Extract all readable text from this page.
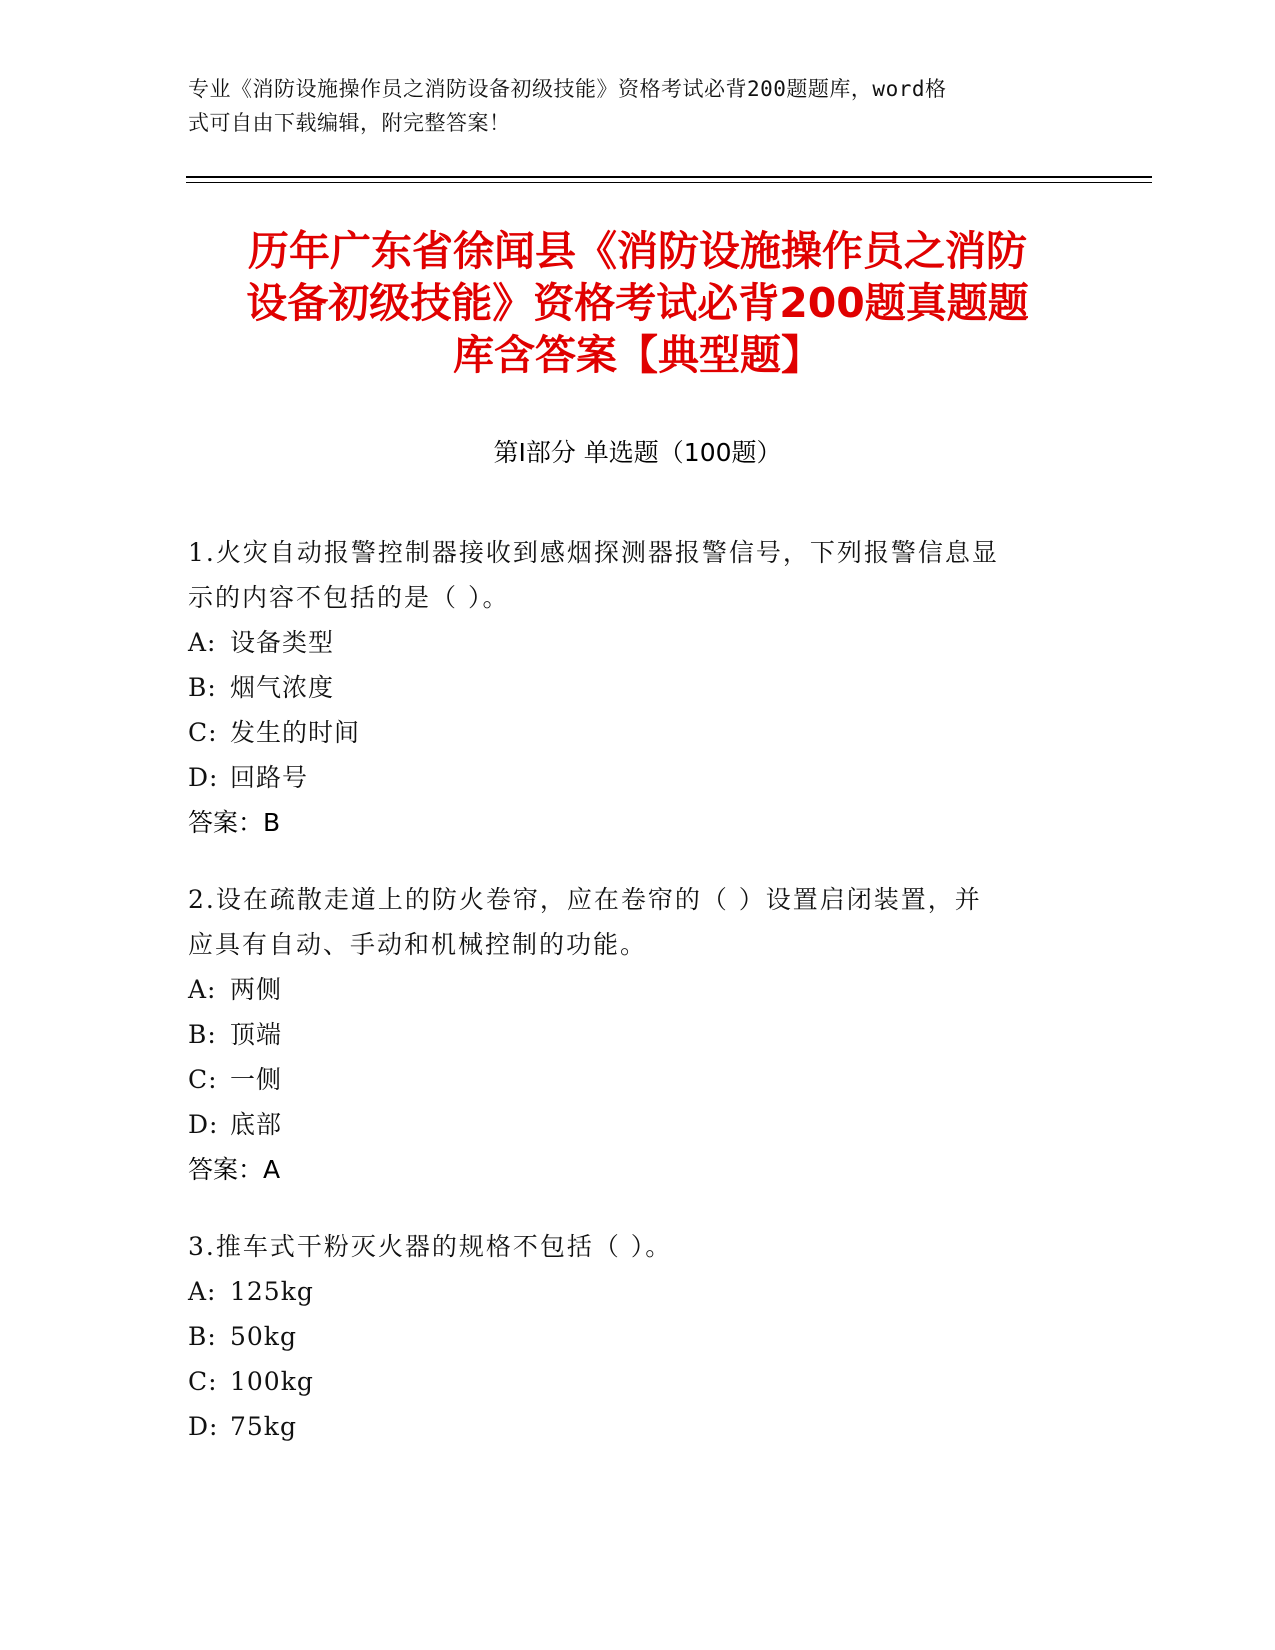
专业《消防设施操作员之消防设备初级技能》资格考试必背200题题库，word格
式可自由下载编辑，附完整答案！
历年广东省徐闻县《消防设施操作员之消防
设备初级技能》资格考试必背200题真题题
库含答案【典型题】
第Ⅰ部分 单选题（100题）
1.火灾自动报警控制器接收到感烟探测器报警信号，下列报警信息显
示的内容不包括的是（ ）。
A: 设备类型
B: 烟气浓度
C: 发生的时间
D: 回路号
答案：B
2.设在疏散走道上的防火卷帘，应在卷帘的（ ）设置启闭装置，并
应具有自动、手动和机械控制的功能。
A: 两侧
B: 顶端
C: 一侧
D: 底部
答案：A
3.推车式干粉灭火器的规格不包括（ ）。
A: 125kg
B: 50kg
C: 100kg
D: 75kg
